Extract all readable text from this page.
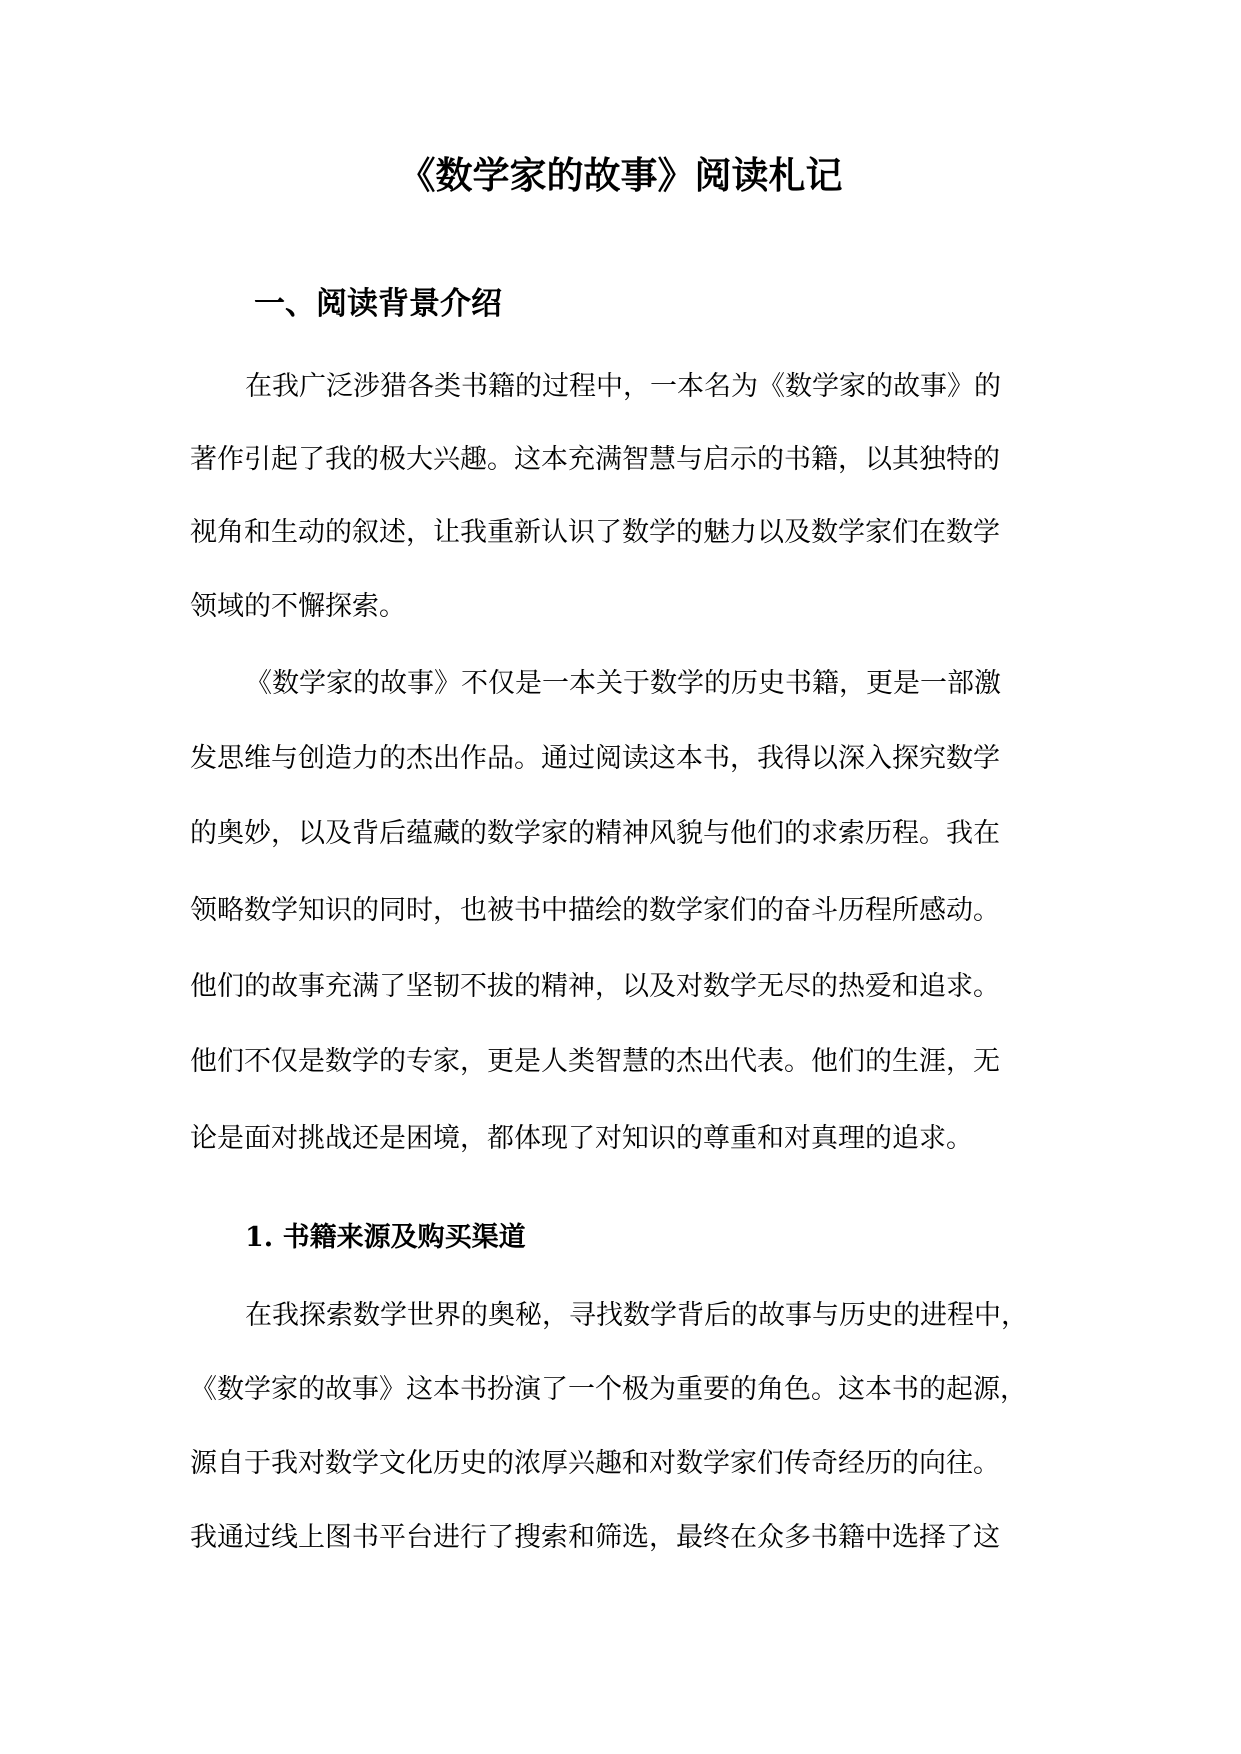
《数学家的故事》阅读札记
一、阅读背景介绍
在我广泛涉猎各类书籍的过程中，一本名为《数学家的故事》的
著作引起了我的极大兴趣。这本充满智慧与启示的书籍，以其独特的
视角和生动的叙述，让我重新认识了数学的魅力以及数学家们在数学
领域的不懈探索。
《数学家的故事》不仅是一本关于数学的历史书籍，更是一部激
发思维与创造力的杰出作品。通过阅读这本书，我得以深入探究数学
的奥妙，以及背后蕴藏的数学家的精神风貌与他们的求索历程。我在
领略数学知识的同时，也被书中描绘的数学家们的奋斗历程所感动。
他们的故事充满了坚韧不拔的精神，以及对数学无尽的热爱和追求。
他们不仅是数学的专家，更是人类智慧的杰出代表。他们的生涯，无
论是面对挑战还是困境，都体现了对知识的尊重和对真理的追求。
1. 书籍来源及购买渠道
在我探索数学世界的奥秘，寻找数学背后的故事与历史的进程中，
《数学家的故事》这本书扮演了一个极为重要的角色。这本书的起源，
源自于我对数学文化历史的浓厚兴趣和对数学家们传奇经历的向往。
我通过线上图书平台进行了搜索和筛选，最终在众多书籍中选择了这
